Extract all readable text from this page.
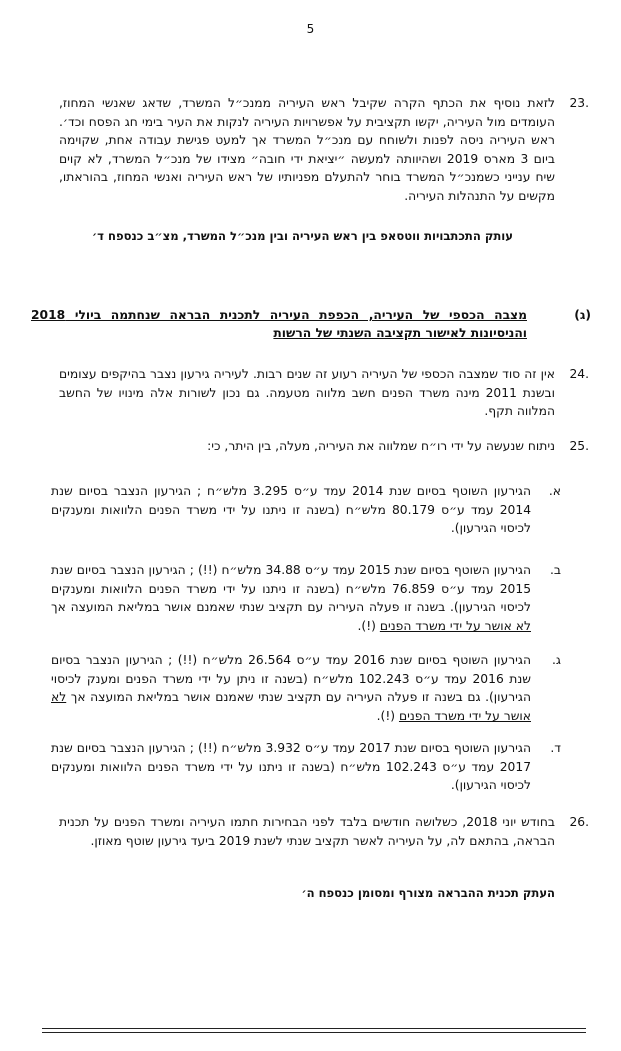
5
23.
לזאת נוסיף את הכתף הקרה שקיבל ראש העיריה ממנכ״ל המשרד, שדאג שאנשי המחוז, העומדים מול העיריה, יקשו תקציבית על אפשרויות העיריה לנקות את העיר בימי חג הפסח וכד׳. ראש העיריה ניסה לפנות ולשוחח עם מנכ״ל המשרד אך למעט פגישת עבודה אחת, שקוימה ביום 3 מארס 2019 ושהיוותה למעשה ״יציאת ידי חובה״ מצידו של מנכ״ל המשרד, לא קוים שיח ענייני כשמנכ״ל המשרד בוחר להתעלם מפניותיו של ראש העיריה ואנשי המחוז, בהוראתו, מקשים על התנהלות העיריה.
עותק התכתבויות ווטסאפ בין ראש העיריה ובין מנכ״ל המשרד, מצ״ב כנספח ד׳
(ג)
מצבה הכספי של העיריה, הכפפת העיריה לתכנית הבראה שנחתמה ביולי 2018 והניסיונות לאישור תקציבה השנתי של הרשות
24.
אין זה סוד שמצבה הכספי של העיריה רעוע זה שנים רבות. לעיריה גירעון נצבר בהיקפים עצומים ובשנת 2011 מינה משרד הפנים חשב מלווה מטעמה. גם נכון לשורות אלה מינויו של החשב המלווה תקף.
25.
ניתוח שנעשה על ידי רו״ח שמלווה את העיריה, מעלה, בין היתר, כי:
א.
הגירעון השוטף בסיום שנת 2014 עמד ע״ס 3.295 מלש״ח ; הגירעון הנצבר בסיום שנת 2014 עמד ע״ס 80.179 מלש״ח (בשנה זו ניתנו על ידי משרד הפנים הלוואות ומענקים לכיסוי הגירעון).
ב.
הגירעון השוטף בסיום שנת 2015 עמד ע״ס 34.88 מלש״ח (!!) ; הגירעון הנצבר בסיום שנת 2015 עמד ע״ס 76.859 מלש״ח (בשנה זו ניתנו על ידי משרד הפנים הלוואות ומענקים לכיסוי הגירעון). בשנה זו פעלה העיריה עם תקציב שנתי שאמנם אושר במליאת המועצה אך לא אושר על ידי משרד הפנים (!).
ג.
הגירעון השוטף בסיום שנת 2016 עמד ע״ס 26.564 מלש״ח (!!) ; הגירעון הנצבר בסיום שנת 2016 עמד ע״ס 102.243 מלש״ח (בשנה זו ניתן על ידי משרד הפנים ומענק לכיסוי הגירעון). גם בשנה זו פעלה העיריה עם תקציב שנתי שאמנם אושר במליאת המועצה אך לא אושר על ידי משרד הפנים (!).
ד.
הגירעון השוטף בסיום שנת 2017 עמד ע״ס 3.932 מלש״ח (!!) ; הגירעון הנצבר בסיום שנת 2017 עמד ע״ס 102.243 מלש״ח (בשנה זו ניתנו על ידי משרד הפנים הלוואות ומענקים לכיסוי הגירעון).
26.
בחודש יוני 2018, כשלושה חודשים בלבד לפני הבחירות חתמו העיריה ומשרד הפנים על תכנית הבראה, בהתאם לה, על העיריה לאשר תקציב שנתי לשנת 2019 ביעד גירעון שוטף מאוזן.
העתק תכנית ההבראה מצורף ומסומן כנספח ה׳
